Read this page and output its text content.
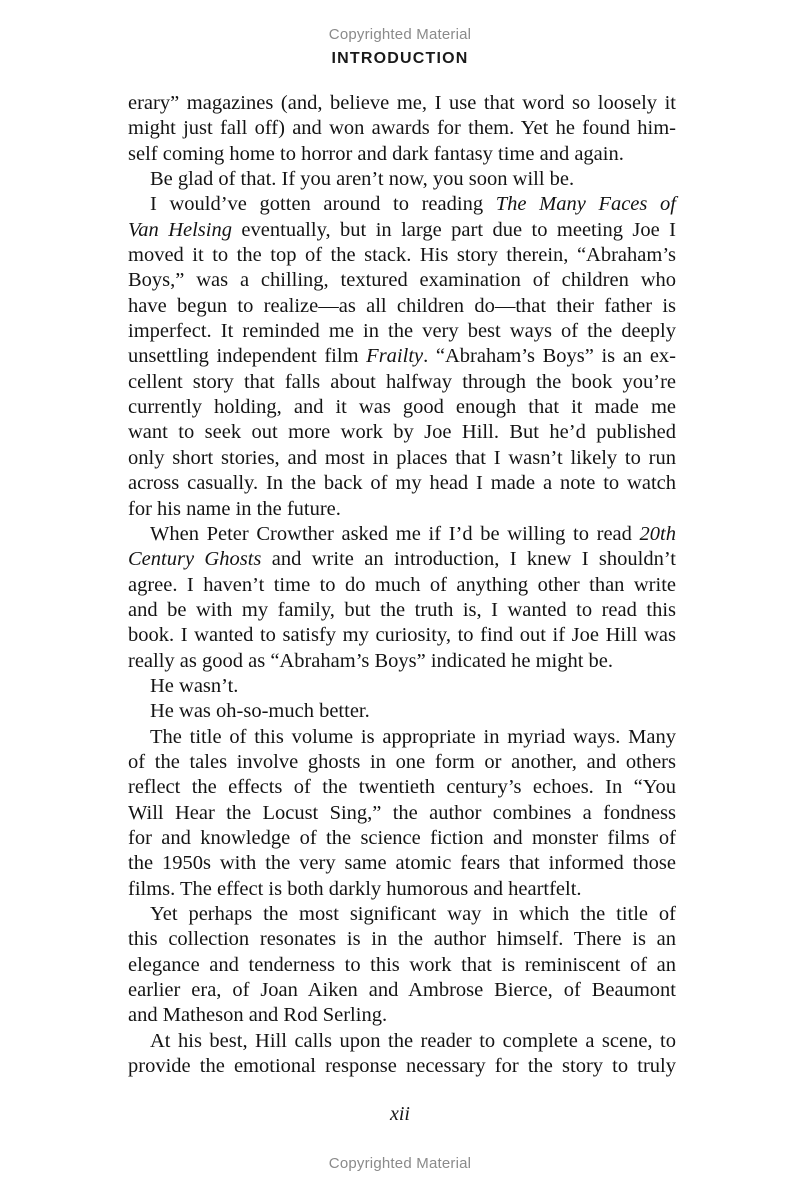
Copyrighted Material
INTRODUCTION
erary” magazines (and, believe me, I use that word so loosely it
might just fall off) and won awards for them. Yet he found him-
self coming home to horror and dark fantasy time and again.
Be glad of that. If you aren’t now, you soon will be.
I would’ve gotten around to reading The Many Faces of
Van Helsing eventually, but in large part due to meeting Joe I
moved it to the top of the stack. His story therein, “Abraham’s
Boys,” was a chilling, textured examination of children who
have begun to realize—as all children do—that their father is
imperfect. It reminded me in the very best ways of the deeply
unsettling independent film Frailty. “Abraham’s Boys” is an ex-
cellent story that falls about halfway through the book you’re
currently holding, and it was good enough that it made me
want to seek out more work by Joe Hill. But he’d published
only short stories, and most in places that I wasn’t likely to run
across casually. In the back of my head I made a note to watch
for his name in the future.
When Peter Crowther asked me if I’d be willing to read 20th
Century Ghosts and write an introduction, I knew I shouldn’t
agree. I haven’t time to do much of anything other than write
and be with my family, but the truth is, I wanted to read this
book. I wanted to satisfy my curiosity, to find out if Joe Hill was
really as good as “Abraham’s Boys” indicated he might be.
He wasn’t.
He was oh-so-much better.
The title of this volume is appropriate in myriad ways. Many
of the tales involve ghosts in one form or another, and others
reflect the effects of the twentieth century’s echoes. In “You
Will Hear the Locust Sing,” the author combines a fondness
for and knowledge of the science fiction and monster films of
the 1950s with the very same atomic fears that informed those
films. The effect is both darkly humorous and heartfelt.
Yet perhaps the most significant way in which the title of
this collection resonates is in the author himself. There is an
elegance and tenderness to this work that is reminiscent of an
earlier era, of Joan Aiken and Ambrose Bierce, of Beaumont
and Matheson and Rod Serling.
At his best, Hill calls upon the reader to complete a scene, to
provide the emotional response necessary for the story to truly
xii
Copyrighted Material
